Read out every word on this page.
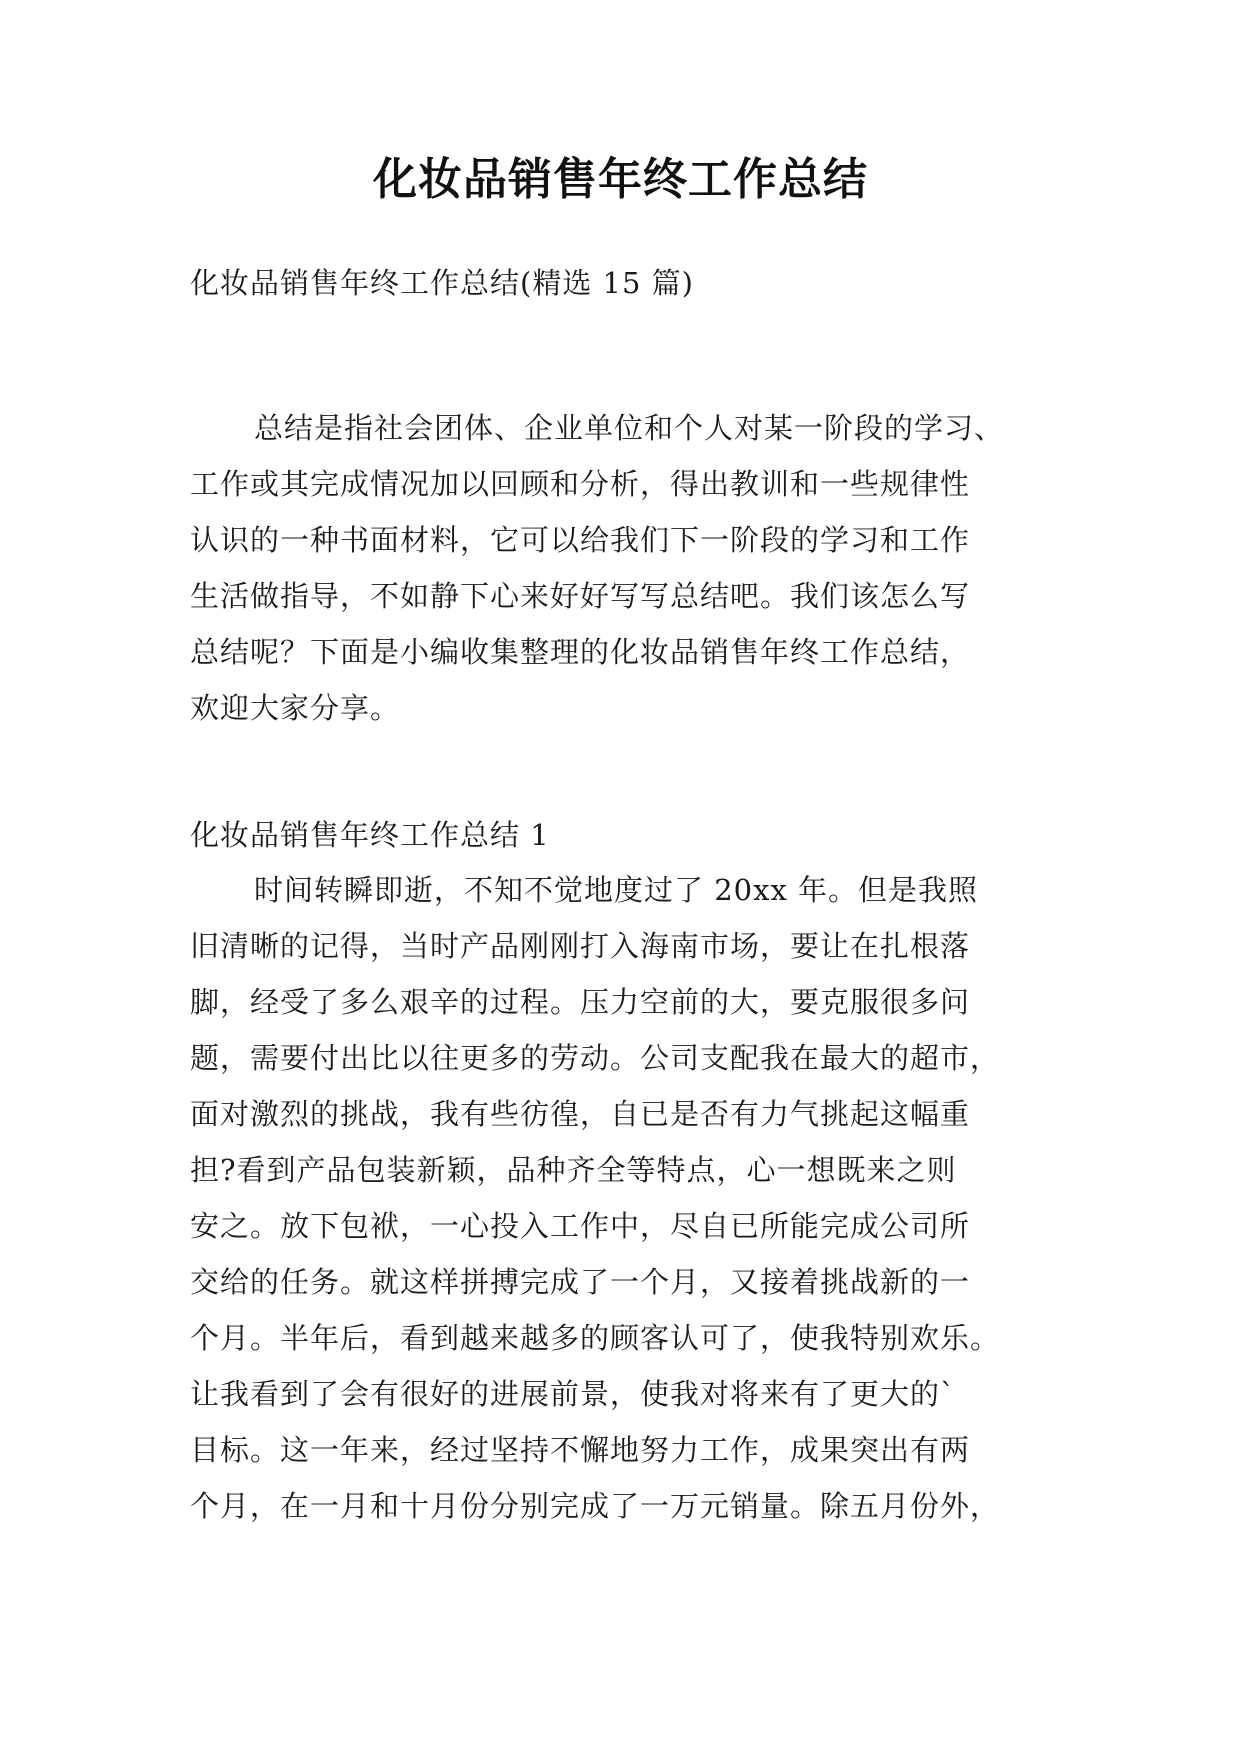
化妆品销售年终工作总结
化妆品销售年终工作总结(精选 15 篇)
总结是指社会团体、企业单位和个人对某一阶段的学习、
工作或其完成情况加以回顾和分析，得出教训和一些规律性
认识的一种书面材料，它可以给我们下一阶段的学习和工作
生活做指导，不如静下心来好好写写总结吧。我们该怎么写
总结呢？下面是小编收集整理的化妆品销售年终工作总结，
欢迎大家分享。
化妆品销售年终工作总结 1
时间转瞬即逝，不知不觉地度过了 20xx 年。但是我照
旧清晰的记得，当时产品刚刚打入海南市场，要让在扎根落
脚，经受了多么艰辛的过程。压力空前的大，要克服很多问
题，需要付出比以往更多的劳动。公司支配我在最大的超市，
面对激烈的挑战，我有些彷徨，自已是否有力气挑起这幅重
担?看到产品包装新颖，品种齐全等特点，心一想既来之则
安之。放下包袱，一心投入工作中，尽自已所能完成公司所
交给的任务。就这样拼搏完成了一个月，又接着挑战新的一
个月。半年后，看到越来越多的顾客认可了，使我特别欢乐。
让我看到了会有很好的进展前景，使我对将来有了更大的`
目标。这一年来，经过坚持不懈地努力工作，成果突出有两
个月，在一月和十月份分别完成了一万元销量。除五月份外，
